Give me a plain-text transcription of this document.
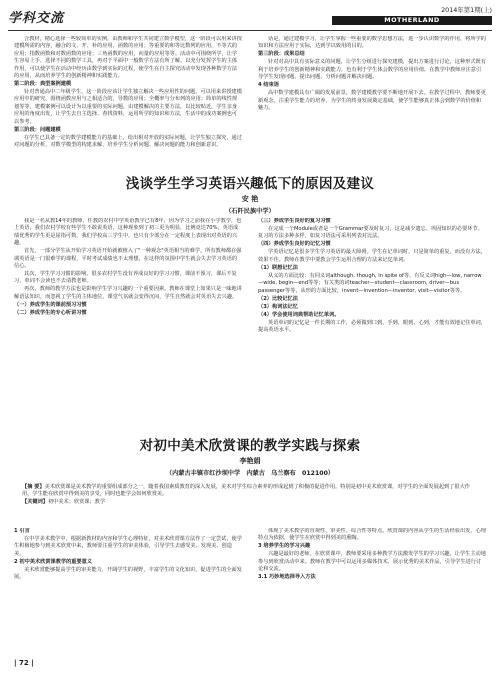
学科交流
2014年第1期(上)
MOTHERLAND

合教材，精心选择一些较简单的实例，由教师和学生共同建立数学模型，这一阶段可以用来讲授建模所需的内容，融合的文、开、补的应用，函数的应用；等重要的和等比数列的应用，不等式的应用；指数函数和对数函数的应用；三角函数的应用，向量的应用等等。活动中可围绕所学，让学生容易上手，选择不同的数学工具，再对于平面中一般数学方法有所了解。以充分发挥学生的主体作用，可以使学生在活动中经历由数学到实际的过程，使学生在自主探究活动中发现各种数学方法的应用，从而培养学生的创新精神和实践能力。

第二阶段：典型案例建模

针对普通高中二年级学生，这一阶段应该让学生独立解决一些应用性的问题，可以用来讲授建模应用中的研究，围绕函数应用与之相适合的，导数的应用；全概率与分布列的应用；简单的线性规划等等，建模案例可以设计为以重要的实际问题，由建模解决的主要方法，以比较贴近，学生亲身应用的角度出发，让学生去自主选择、查找资料，运用所学的知识和方法，生活中的成功案例也可以参考。

第三阶段：问题建模

在学生已具备一定的数学建模能力的基础上，给出相对开放的实际问题，让学生独立探究，通过对问题的分析，对数学模型的构建求解，培养学生分析问题、解决问题的能力和创新意识。

话是，通过建模学习，让学生掌握一些重要的数学思想方法，进一步认识数学的作用，将所学的知识和方法应用于实际，达到学以致用的目的。

第三阶段：成果总结

针对对高中具有实际意义的问题，让学生分组进行探究建模，提出方案进行讨论，这种形式既有利于培养学生的创新精神和实践能力，也有利于学生体会数学的应用价值。在教学中教师应注意引导学生发现问题、提出问题、分析问题并解决问题。

4 结束语

高中数学建模具有广阔的发展前景，数学建模教学要不断地开展下去。在教学过程中，教师要更新观念，注重学生能力的培养，为学生的终身发展奠定基础，使学生能够真正体会到数学的价值和魅力。

浅谈学生学习英语兴趣低下的原因及建议
安 艳
（石阡民族中学）

我是一名从教14年的教师，任教的农村中学英语教学已有8年，因为学习之前我在小学教学，也上英语，我们农村学校有些学生不敢说英语，这种现象到了初三更为明显，比例竟达70%，英语成绩优秀的学生更是屈指可数，我们学校高三学生中，也只有少部分在一定程度上表现出对英语的兴趣。

首先，一部分学生从开始学习英语开始就被植入了"一种观念"英语相当的难学。所有教师都在强调英语是一门很难学的课程，平时考试成绩也不太理想，在这样的氛围中学生就会失去学习英语的信心。

其次，学生学习习惯的影响，很多农村学生没有养成良好的学习习惯，课前不预习，课后不复习，单词不会读也不去请教老师。

再次，教师的教学方法也是影响学生学习兴趣的一个重要因素。教师在课堂上如果只是一味地讲解语法知识，而忽视了学生的主体地位，课堂气氛就会变得沉闷，学生自然就会对英语失去兴趣。

（一）养成学生的课前预习习惯

（二）养成学生的专心听讲习惯

（三）养成学生良好的复习习惯

在完成一个Module或者是一个Grammar要及时复习，这是减少遗忘、巩固知识的必要环节。复习的方法多种多样，如复习语法可采用列表对比法。

（四）养成学生良好的记忆习惯

学英语记忆是很多学生学习英语的最大障碍。学生在记单词时，只是简单的重复，而没有方法，效果不佳。教师在教学中要教会学生运用合理的方法来记忆单词。

（1）联想记忆法

从义的方面比较：有同义词although, though, in spite of等，有反义词high—low, narrow—wide, begin—end等等；有关类的词teacher—student—classroom, driver—bus passenger等等，从形的方面比较，invent—invention—inventor, visit—visitor等等。

（2）比较记忆法

（3）构词法记忆

（4）学会使用词典帮助记忆单词。

英语单词的记忆是一件长期的工作，必须做到口到、手到、眼到、心到，才能有效地记住单词，提高英语水平。

对初中美术欣赏课的教学实践与探索
李艳娟
（内蒙古丰镇市红沙坝中学　内蒙古　乌兰察布　012100）
【摘 要】美术欣赏课是美术教学的重要组成部分之一，随着我国素质教育的深入发展，美术对学生综合素养的形成起到了积极的促进作用。特别是初中美术欣赏课，对学生的全面发展起到了很大作用，学生能在欣赏中得到美的享受，同时也能学会如何欣赏美。
【关键词】初中美术；欣赏课；教学

1 引言

在中学美术教学中，根据新教材的内容和学生心理特征，对美术欣赏课方法作了一定尝试，使学生积极地参与到美术欣赏中来，教师要注重学生的审美体验，引导学生去感受美、发现美、创造美。

2 初中美术欣赏课教学的重要意义

美术欣赏能够提高学生的审美能力，开阔学生的视野，丰富学生的文化知识，促进学生的全面发展。

体现了美术教学的直观性、审美性、综合性等特点。欣赏课的内容从学生的生活经验出发，心理特点为依据，使学生在欣赏中得到美的熏陶。

3 培养学生的学习兴趣

兴趣是最好的老师，在欣赏课中，教师要采用多种教学方法激发学生的学习兴趣，让学生主动地参与到欣赏活动中来。教师在教学中可以运用多媒体技术，展示优秀的美术作品，引导学生进行讨论和交流。

3.1 巧妙地选择导入方法

| 72 |
